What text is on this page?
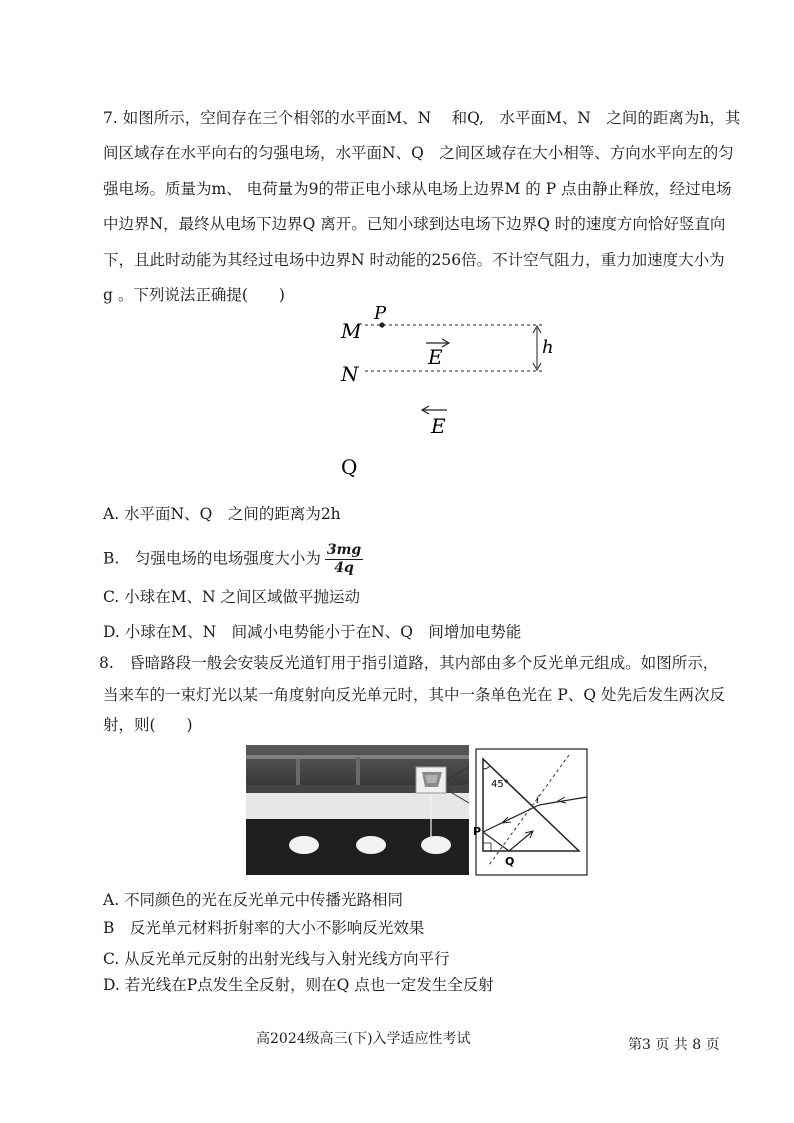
7. 如图所示，空间存在三个相邻的水平面M、N　 和Q,　水平面M、N　之间的距离为h，其
间区域存在水平向右的匀强电场，水平面N、Q　之间区域存在大小相等、方向水平向左的匀
强电场。质量为m、 电荷量为9的带正电小球从电场上边界M 的 P 点由静止释放，经过电场
中边界N，最终从电场下边界Q 离开。已知小球到达电场下边界Q 时的速度方向恰好竖直向
下，且此时动能为其经过电场中边界N 时动能的256倍。不计空气阻力，重力加速度大小为
g 。下列说法正确提(　　)
M
N
P
h
E
E
Q
A. 水平面N、Q　之间的距离为2h
B.　匀强电场的电场强度大小为 $\frac{3mg}{4q}$
C. 小球在M、N 之间区域做平抛运动
D. 小球在M、N　间减小电势能小于在N、Q　间增加电势能
8.　昏暗路段一般会安装反光道钉用于指引道路，其内部由多个反光单元组成。如图所示，
当来车的一束灯光以某一角度射向反光单元时，其中一条单色光在 P、Q 处先后发生两次反
射，则(　　)
45°
i
P
Q
A. 不同颜色的光在反光单元中传播光路相同
B　反光单元材料折射率的大小不影响反光效果
C. 从反光单元反射的出射光线与入射光线方向平行
D. 若光线在P点发生全反射，则在Q 点也一定发生全反射
高2024级高三(下)入学适应性考试	第3 页 共 8 页
